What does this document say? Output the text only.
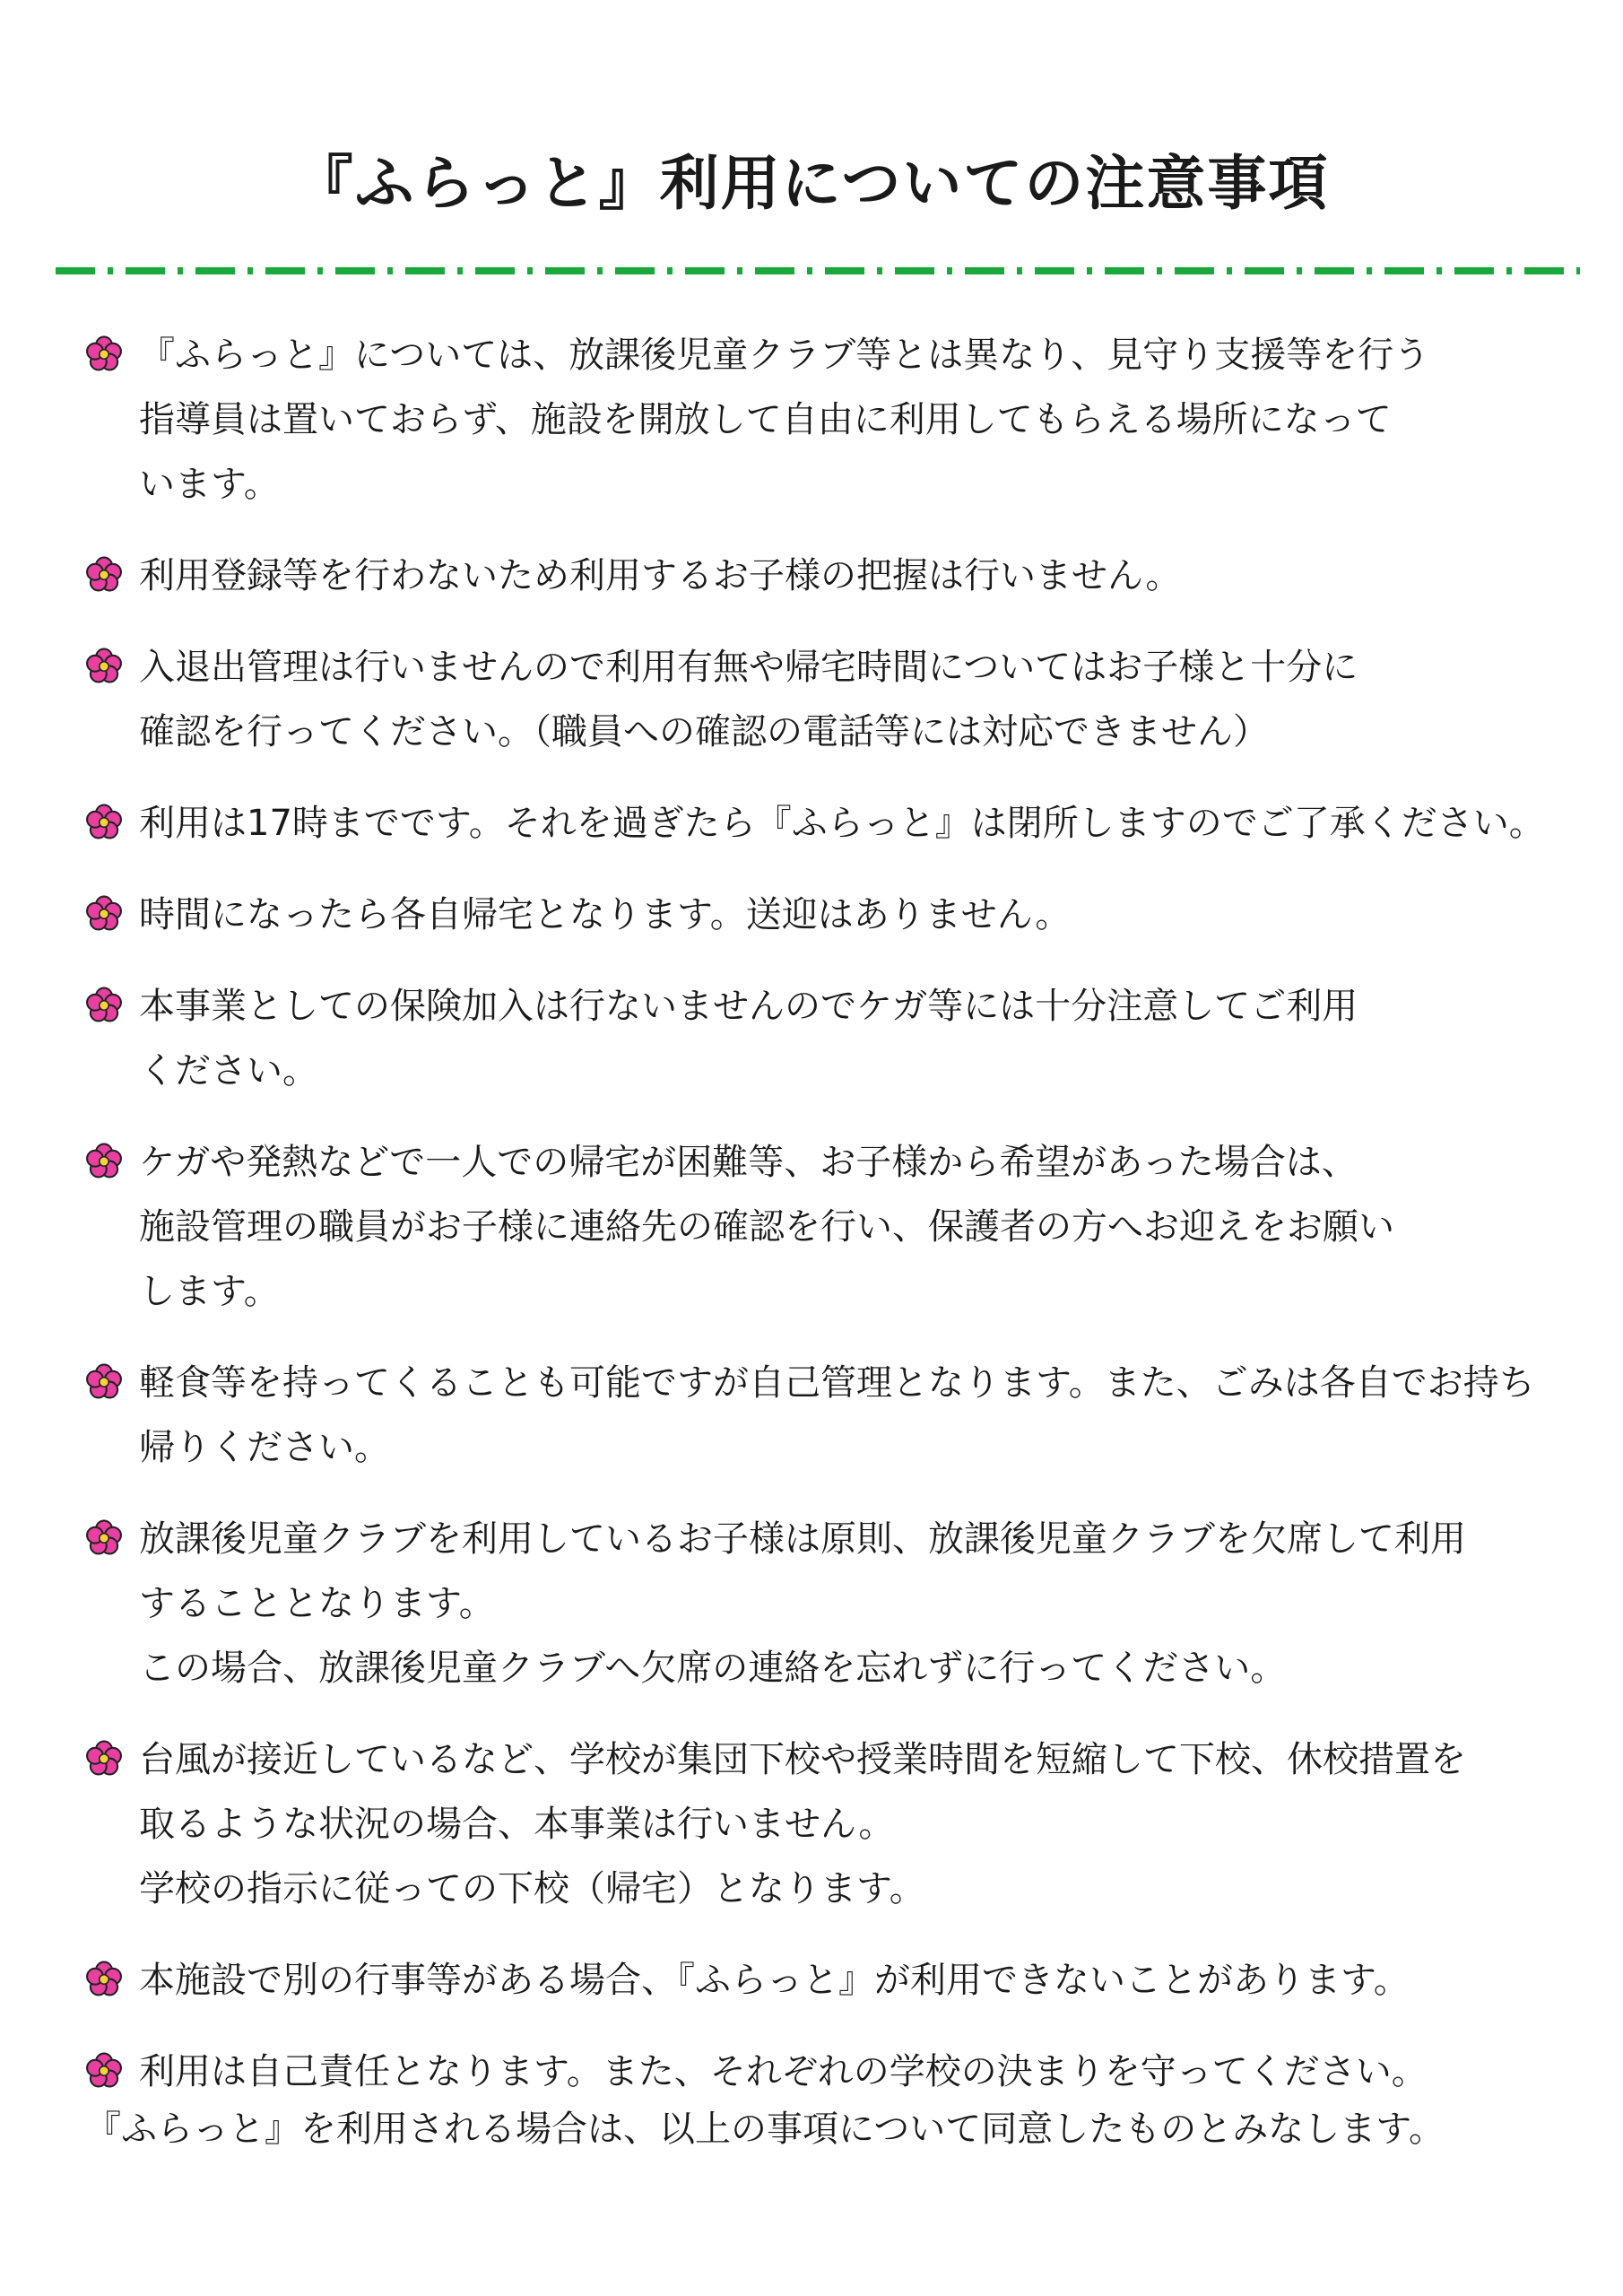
『ふらっと』利用についての注意事項
『ふらっと』については、放課後児童クラブ等とは異なり、見守り支援等を行う
指導員は置いておらず、施設を開放して自由に利用してもらえる場所になって
います。
利用登録等を行わないため利用するお子様の把握は行いません。
入退出管理は行いませんので利用有無や帰宅時間についてはお子様と十分に
確認を行ってください。（職員への確認の電話等には対応できません）
利用は17時までです。それを過ぎたら『ふらっと』は閉所しますのでご了承ください。
時間になったら各自帰宅となります。送迎はありません。
本事業としての保険加入は行ないませんのでケガ等には十分注意してご利用
ください。
ケガや発熱などで一人での帰宅が困難等、お子様から希望があった場合は、
施設管理の職員がお子様に連絡先の確認を行い、保護者の方へお迎えをお願い
します。
軽食等を持ってくることも可能ですが自己管理となります。また、ごみは各自でお持ち
帰りください。
放課後児童クラブを利用しているお子様は原則、放課後児童クラブを欠席して利用
することとなります。
この場合、放課後児童クラブへ欠席の連絡を忘れずに行ってください。
台風が接近しているなど、学校が集団下校や授業時間を短縮して下校、休校措置を
取るような状況の場合、本事業は行いません。
学校の指示に従っての下校（帰宅）となります。
本施設で別の行事等がある場合、『ふらっと』が利用できないことがあります。
利用は自己責任となります。また、それぞれの学校の決まりを守ってください。
『ふらっと』を利用される場合は、以上の事項について同意したものとみなします。
